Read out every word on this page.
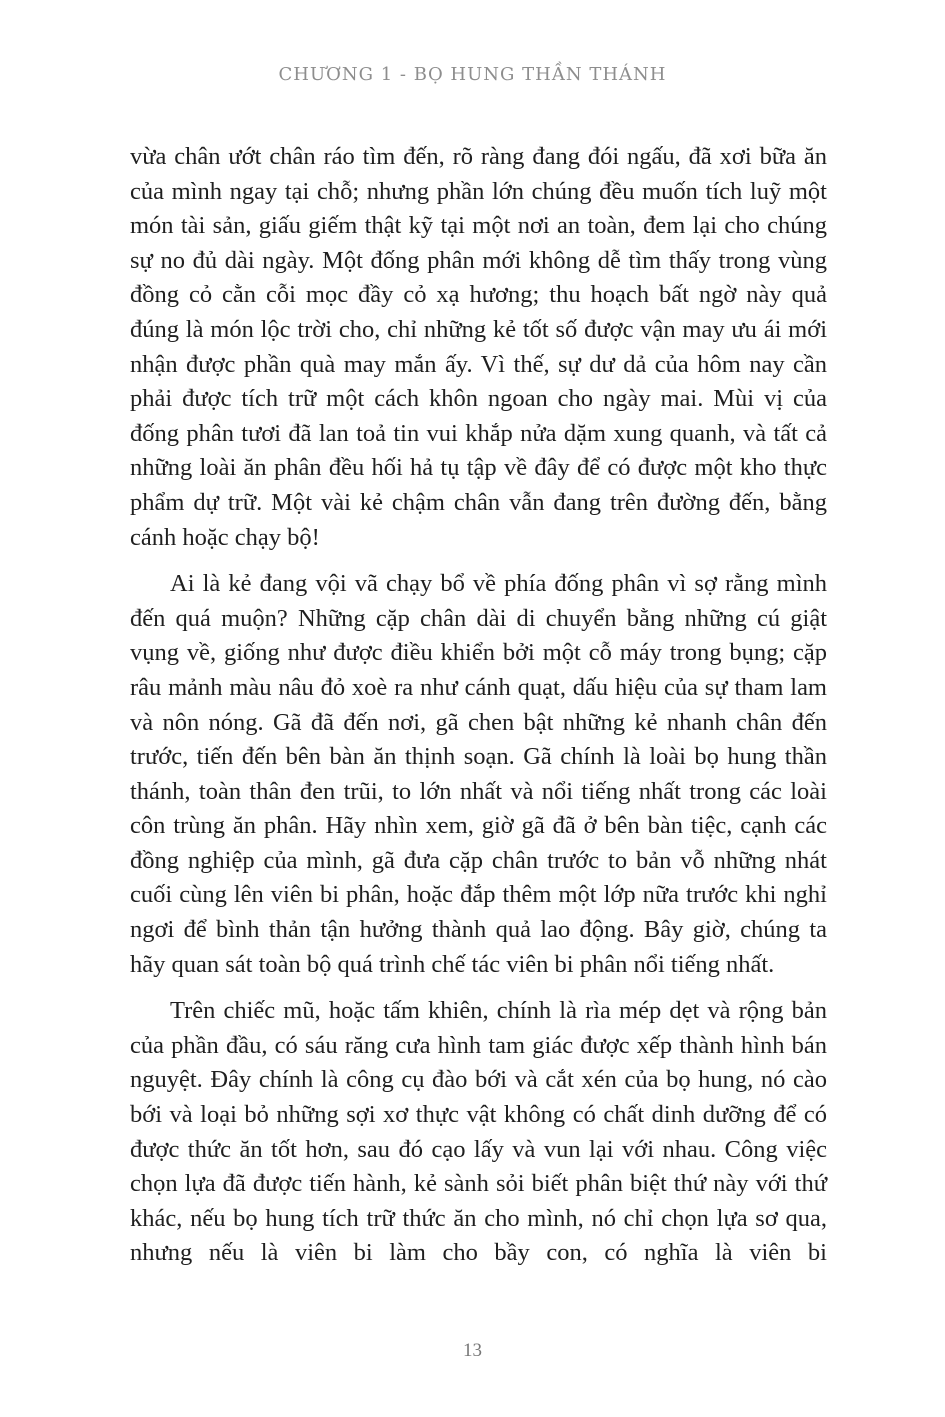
CHƯƠNG 1 - BỌ HUNG THẦN THÁNH

vừa chân ướt chân ráo tìm đến, rõ ràng đang đói ngấu, đã xơi bữa ăn của mình ngay tại chỗ; nhưng phần lớn chúng đều muốn tích luỹ một món tài sản, giấu giếm thật kỹ tại một nơi an toàn, đem lại cho chúng sự no đủ dài ngày. Một đống phân mới không dễ tìm thấy trong vùng đồng cỏ cằn cỗi mọc đầy cỏ xạ hương; thu hoạch bất ngờ này quả đúng là món lộc trời cho, chỉ những kẻ tốt số được vận may ưu ái mới nhận được phần quà may mắn ấy. Vì thế, sự dư dả của hôm nay cần phải được tích trữ một cách khôn ngoan cho ngày mai. Mùi vị của đống phân tươi đã lan toả tin vui khắp nửa dặm xung quanh, và tất cả những loài ăn phân đều hối hả tụ tập về đây để có được một kho thực phẩm dự trữ. Một vài kẻ chậm chân vẫn đang trên đường đến, bằng cánh hoặc chạy bộ!

Ai là kẻ đang vội vã chạy bổ về phía đống phân vì sợ rằng mình đến quá muộn? Những cặp chân dài di chuyển bằng những cú giật vụng về, giống như được điều khiển bởi một cỗ máy trong bụng; cặp râu mảnh màu nâu đỏ xoè ra như cánh quạt, dấu hiệu của sự tham lam và nôn nóng. Gã đã đến nơi, gã chen bật những kẻ nhanh chân đến trước, tiến đến bên bàn ăn thịnh soạn. Gã chính là loài bọ hung thần thánh, toàn thân đen trũi, to lớn nhất và nổi tiếng nhất trong các loài côn trùng ăn phân. Hãy nhìn xem, giờ gã đã ở bên bàn tiệc, cạnh các đồng nghiệp của mình, gã đưa cặp chân trước to bản vỗ những nhát cuối cùng lên viên bi phân, hoặc đắp thêm một lớp nữa trước khi nghỉ ngơi để bình thản tận hưởng thành quả lao động. Bây giờ, chúng ta hãy quan sát toàn bộ quá trình chế tác viên bi phân nổi tiếng nhất.

Trên chiếc mũ, hoặc tấm khiên, chính là rìa mép dẹt và rộng bản của phần đầu, có sáu răng cưa hình tam giác được xếp thành hình bán nguyệt. Đây chính là công cụ đào bới và cắt xén của bọ hung, nó cào bới và loại bỏ những sợi xơ thực vật không có chất dinh dưỡng để có được thức ăn tốt hơn, sau đó cạo lấy và vun lại với nhau. Công việc chọn lựa đã được tiến hành, kẻ sành sỏi biết phân biệt thứ này với thứ khác, nếu bọ hung tích trữ thức ăn cho mình, nó chỉ chọn lựa sơ qua, nhưng nếu là viên bi làm cho bầy con, có nghĩa là viên bi

13
